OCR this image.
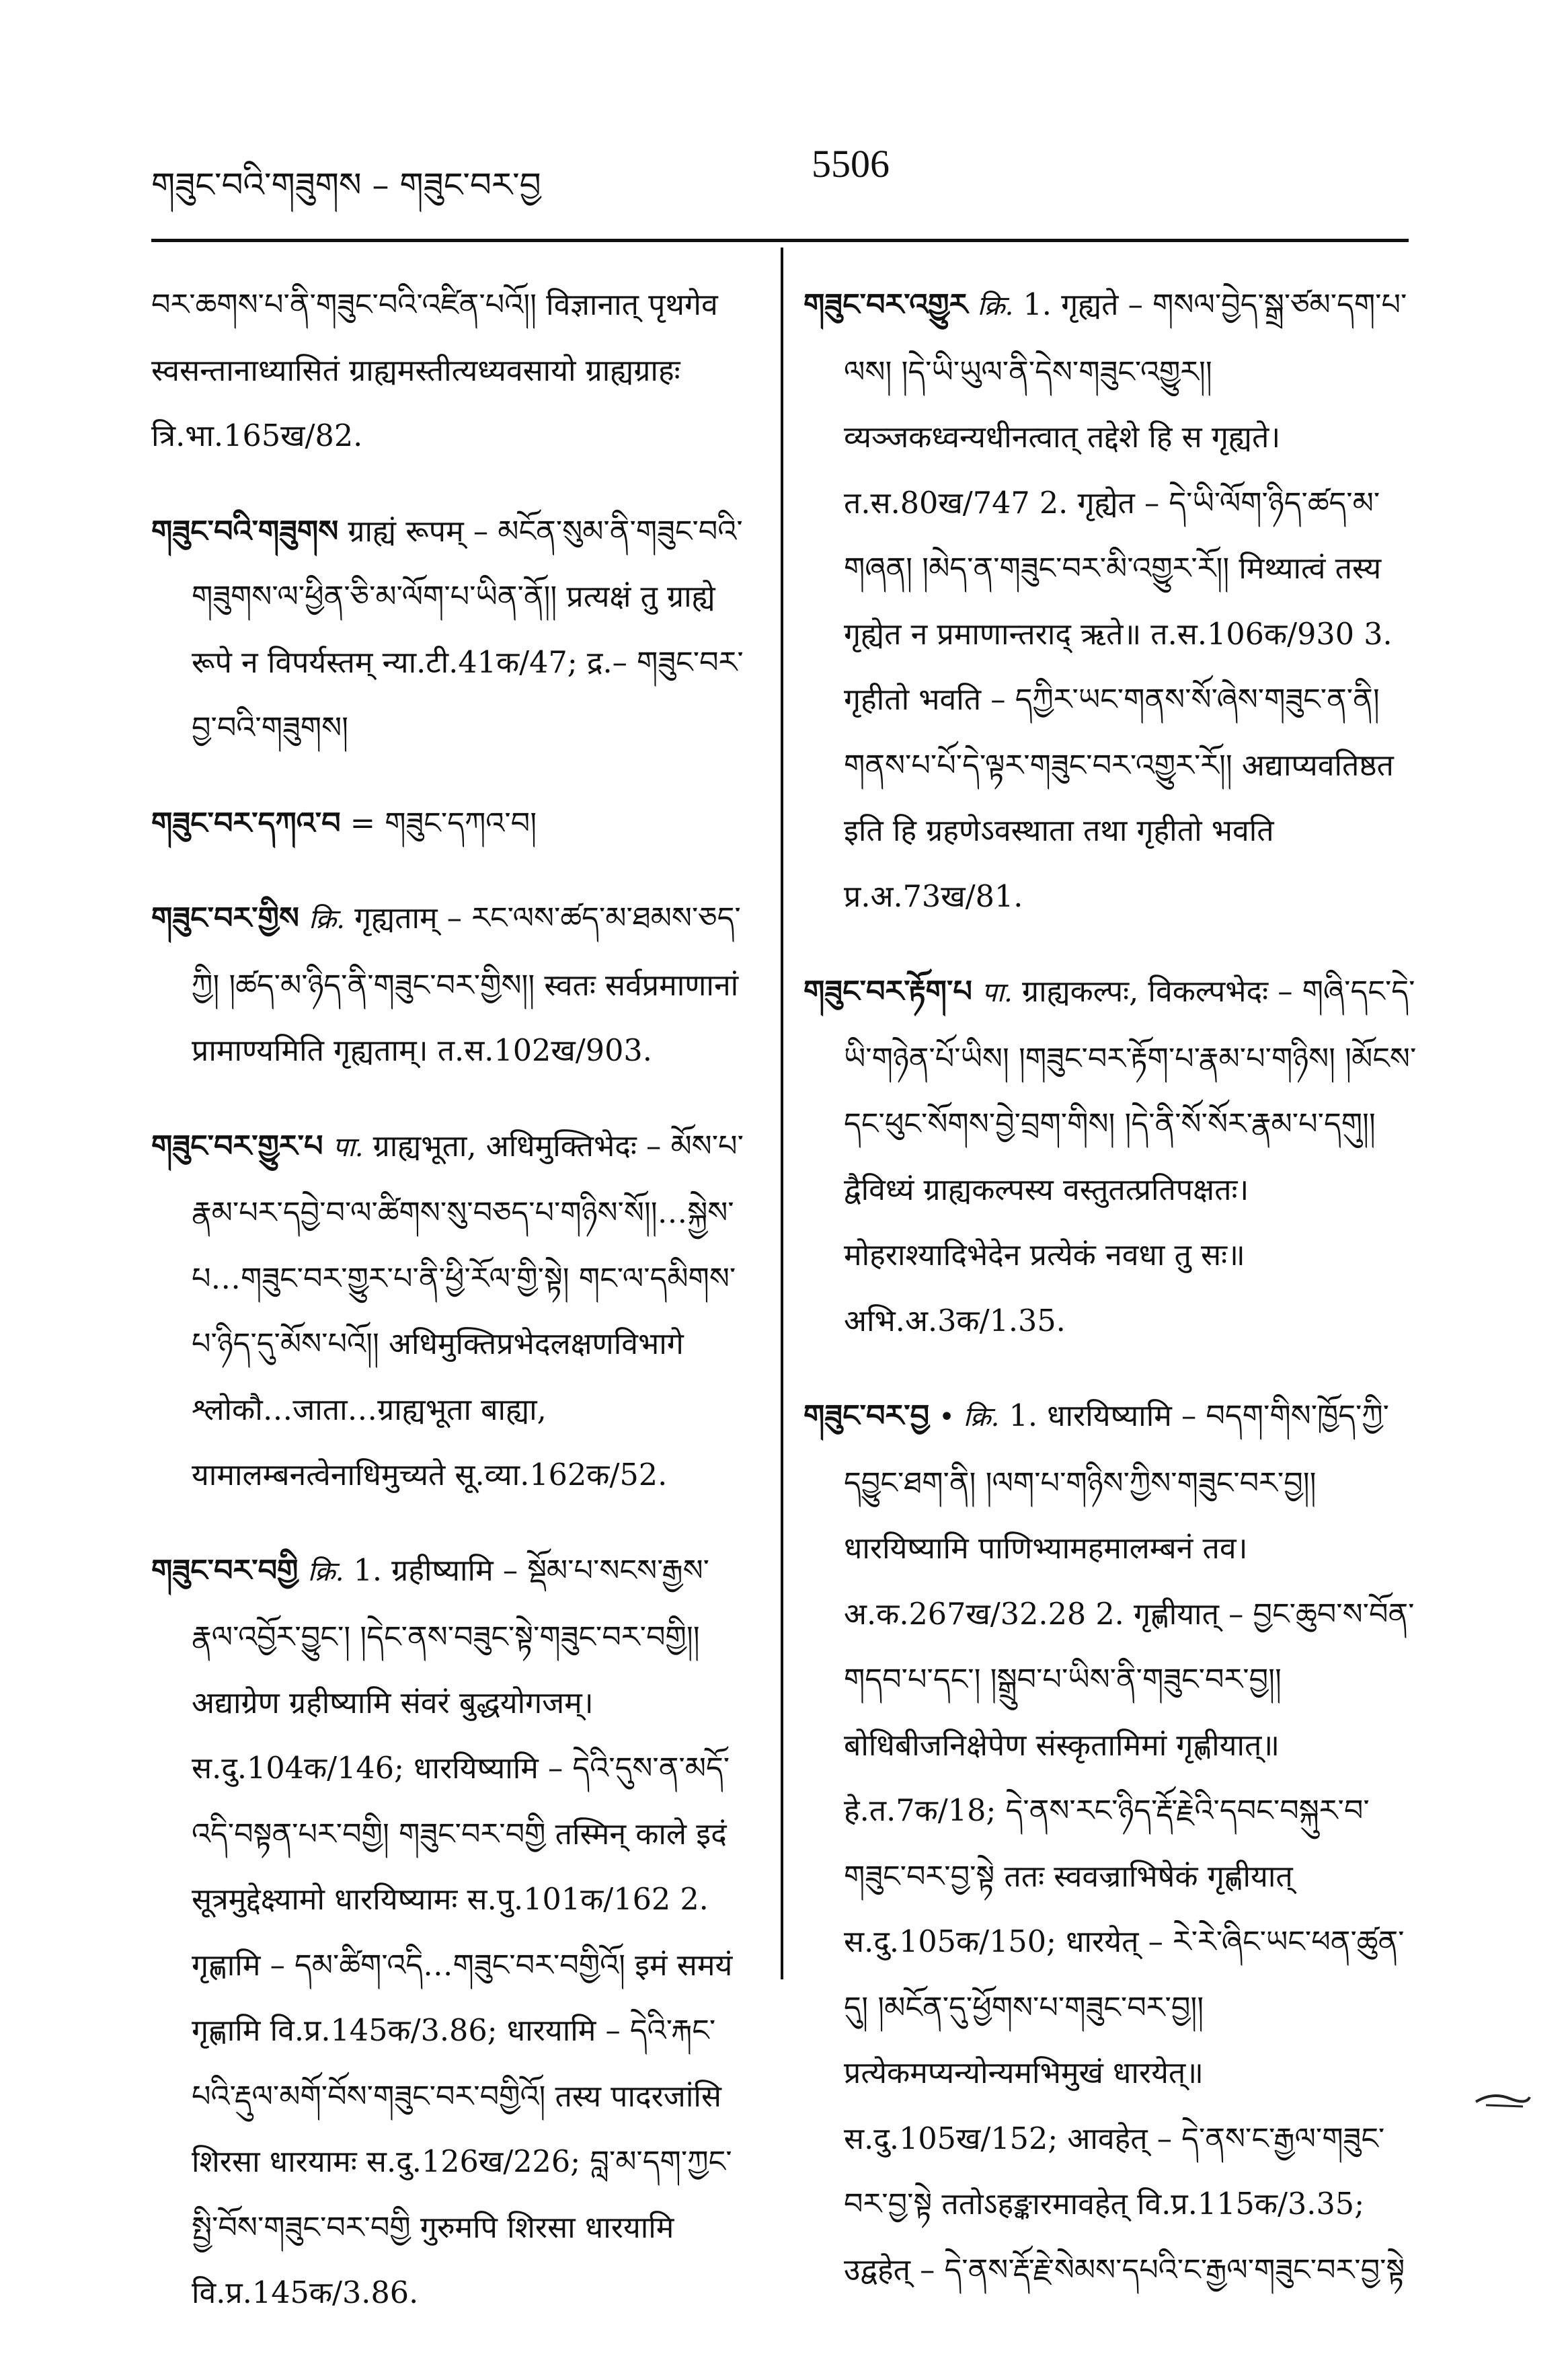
གཟུང་བའི་གཟུགས – གཟུང་བར་བྱ	5506
བར་ཆགས་པ་ནི་གཟུང་བའི་འཛིན་པའོ།། विज्ञानात् पृथगेव स्वसन्तानाध्यासितं ग्राह्यमस्तीत्यध्यवसायो ग्राह्यग्राहः त्रि.भा.165ख/82.
གཟུང་བའི་གཟུགས ग्राह्यं रूपम् – མངོན་སུམ་ནི་གཟུང་བའི་གཟུགས་ལ་ཕྱིན་ཅི་མ་ལོག་པ་ཡིན་ནོ།། प्रत्यक्षं तु ग्राह्ये रूपे न विपर्यस्तम् न्या.टी.41क/47; द्र.– གཟུང་བར་བྱ་བའི་གཟུགས།
གཟུང་བར་དཀའ་བ = གཟུང་དཀའ་བ།
གཟུང་བར་གྱིས क्रि. गृह्यताम् – རང་ལས་ཚད་མ་ཐམས་ཅད་ཀྱི། །ཚད་མ་ཉིད་ནི་གཟུང་བར་གྱིས།། स्वतः सर्वप्रमाणानां प्रामाण्यमिति गृह्यताम्। त.स.102ख/903.
གཟུང་བར་གྱུར་པ पा. ग्राह्यभूता, अधिमुक्तिभेदः – མོས་པ་རྣམ་པར་དབྱེ་བ་ལ་ཚིགས་སུ་བཅད་པ་གཉིས་སོ།།…སྐྱེས་པ…གཟུང་བར་གྱུར་པ་ནི་ཕྱི་རོལ་གྱི་སྟེ། གང་ལ་དམིགས་པ་ཉིད་དུ་མོས་པའོ།། अधिमुक्तिप्रभेदलक्षणविभागे श्लोकौ…जाता…ग्राह्यभूता बाह्या, यामालम्बनत्वेनाधिमुच्यते सू.व्या.162क/52.
གཟུང་བར་བགྱི क्रि. 1. ग्रहीष्यामि – སྡོམ་པ་སངས་རྒྱས་རྣལ་འབྱོར་བྱུང་། །དེང་ནས་བཟུང་སྟེ་གཟུང་བར་བགྱི།། अद्याग्रेण ग्रहीष्यामि संवरं बुद्धयोगजम्। स.दु.104क/146; धारयिष्यामि – དེའི་དུས་ན་མདོ་འདི་བསྟན་པར་བགྱི། གཟུང་བར་བགྱི तस्मिन् काले इदं सूत्रमुद्देक्ष्यामो धारयिष्यामः स.पु.101क/162 2. गृह्णामि – དམ་ཚིག་འདི…གཟུང་བར་བགྱིའོ། इमं समयं गृह्णामि वि.प्र.145क/3.86; धारयामि – དེའི་རྐང་པའི་རྡུལ་མགོ་བོས་གཟུང་བར་བགྱིའོ། तस्य पादरजांसि शिरसा धारयामः स.दु.126ख/226; བླ་མ་དག་ཀྱང་སྤྱི་བོས་གཟུང་བར་བགྱི गुरुमपि शिरसा धारयामि वि.प्र.145क/3.86.
གཟུང་བར་འགྱུར क्रि. 1. गृह्यते – གསལ་བྱེད་སྒྲ་ཙམ་དག་པ་ལས། །དེ་ཡི་ཡུལ་ནི་དེས་གཟུང་འགྱུར།། व्यञ्जकध्वन्यधीनत्वात् तद्देशे हि स गृह्यते। त.स.80ख/747 2. गृह्येत – དེ་ཡི་ལོག་ཉིད་ཚད་མ་གཞན། །མེད་ན་གཟུང་བར་མི་འགྱུར་རོ།། मिथ्यात्वं तस्य गृह्येत न प्रमाणान्तराद् ऋते॥ त.स.106क/930 3. गृहीतो भवति – དཀྱིར་ཡང་གནས་སོ་ཞེས་གཟུང་ན་ནི། གནས་པ་པོ་དེ་ལྟར་གཟུང་བར་འགྱུར་རོ།། अद्याप्यवतिष्ठत इति हि ग्रहणेऽवस्थाता तथा गृहीतो भवति प्र.अ.73ख/81.
གཟུང་བར་རྟོག་པ पा. ग्राह्यकल्पः, विकल्पभेदः – གཞི་དང་དེ་ཡི་གཉེན་པོ་ཡིས། །གཟུང་བར་རྟོག་པ་རྣམ་པ་གཉིས། །མོངས་དང་ཕུང་སོགས་བྱེ་བྲག་གིས། །དེ་ནི་སོ་སོར་རྣམ་པ་དགུ།། द्वैविध्यं ग्राह्यकल्पस्य वस्तुतत्प्रतिपक्षतः। मोहराश्यादिभेदेन प्रत्येकं नवधा तु सः॥ अभि.अ.3क/1.35.
གཟུང་བར་བྱ • क्रि. 1. धारयिष्यामि – བདག་གིས་ཁྱོད་ཀྱི་དབྱུང་ཐག་ནི། །ལག་པ་གཉིས་ཀྱིས་གཟུང་བར་བྱ།། धारयिष्यामि पाणिभ्यामहमालम्बनं तव। अ.क.267ख/32.28 2. गृह्णीयात् – བྱང་ཆུབ་ས་བོན་གདབ་པ་དང་། །སྒྲུབ་པ་ཡིས་ནི་གཟུང་བར་བྱ།། बोधिबीजनिक्षेपेण संस्कृतामिमां गृह्णीयात्॥ हे.त.7क/18; དེ་ནས་རང་ཉིད་རྡོ་རྗེའི་དབང་བསྐུར་བ་གཟུང་བར་བྱ་སྟེ ततः स्ववज्राभिषेकं गृह्णीयात् स.दु.105क/150; धारयेत् – རེ་རེ་ཞིང་ཡང་ཕན་ཚུན་དུ། །མངོན་དུ་ཕྱོགས་པ་གཟུང་བར་བྱ།། प्रत्येकमप्यन्योन्यमभिमुखं धारयेत्॥ स.दु.105ख/152; आवहेत् – དེ་ནས་ང་རྒྱལ་གཟུང་བར་བྱ་སྟེ ततोऽहङ्कारमावहेत् वि.प्र.115क/3.35; उद्वहेत् – དེ་ནས་རྡོ་རྗེ་སེམས་དཔའི་ང་རྒྱལ་གཟུང་བར་བྱ་སྟེ
